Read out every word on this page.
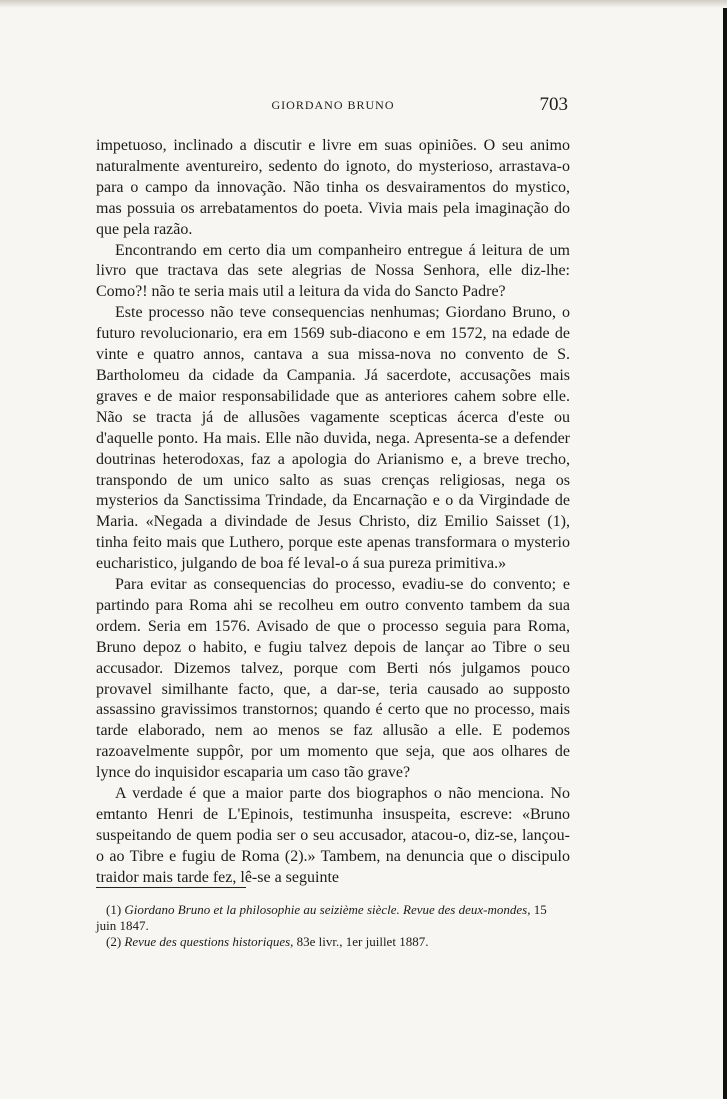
GIORDANO BRUNO	703

impetuoso, inclinado a discutir e livre em suas opiniões. O seu animo naturalmente aventureiro, sedento do ignoto, do mysterioso, arrastava-o para o campo da innovação. Não tinha os desvairamentos do mystico, mas possuia os arrebatamentos do poeta. Vivia mais pela imaginação do que pela razão.

Encontrando em certo dia um companheiro entregue á leitura de um livro que tractava das sete alegrias de Nossa Senhora, elle diz-lhe: Como?! não te seria mais util a leitura da vida do Sancto Padre?

Este processo não teve consequencias nenhumas; Giordano Bruno, o futuro revolucionario, era em 1569 sub-diacono e em 1572, na edade de vinte e quatro annos, cantava a sua missa-nova no convento de S. Bartholomeu da cidade da Campania. Já sacerdote, accusações mais graves e de maior responsabilidade que as anteriores cahem sobre elle. Não se tracta já de allusões vagamente scepticas ácerca d'este ou d'aquelle ponto. Ha mais. Elle não duvida, nega. Apresenta-se a defender doutrinas heterodoxas, faz a apologia do Arianismo e, a breve trecho, transpondo de um unico salto as suas crenças religiosas, nega os mysterios da Sanctissima Trindade, da Encarnação e o da Virgindade de Maria. «Negada a divindade de Jesus Christo, diz Emilio Saisset (1), tinha feito mais que Luthero, porque este apenas transformara o mysterio eucharistico, julgando de boa fé leval-o á sua pureza primitiva.»

Para evitar as consequencias do processo, evadiu-se do convento; e partindo para Roma ahi se recolheu em outro convento tambem da sua ordem. Seria em 1576. Avisado de que o processo seguia para Roma, Bruno depoz o habito, e fugiu talvez depois de lançar ao Tibre o seu accusador. Dizemos talvez, porque com Berti nós julgamos pouco provavel similhante facto, que, a dar-se, teria causado ao supposto assassino gravissimos transtornos; quando é certo que no processo, mais tarde elaborado, nem ao menos se faz allusão a elle. E podemos razoavelmente suppôr, por um momento que seja, que aos olhares de lynce do inquisidor escaparia um caso tão grave?

A verdade é que a maior parte dos biographos o não menciona. No emtanto Henri de L'Epinois, testimunha insuspeita, escreve: «Bruno suspeitando de quem podia ser o seu accusador, atacou-o, diz-se, lançou-o ao Tibre e fugiu de Roma (2).» Tambem, na denuncia que o discipulo traidor mais tarde fez, lê-se a seguinte

(1) Giordano Bruno et la philosophie au seizième siècle. Revue des deux-mondes, 15 juin 1847.

(2) Revue des questions historiques, 83e livr., 1er juillet 1887.
